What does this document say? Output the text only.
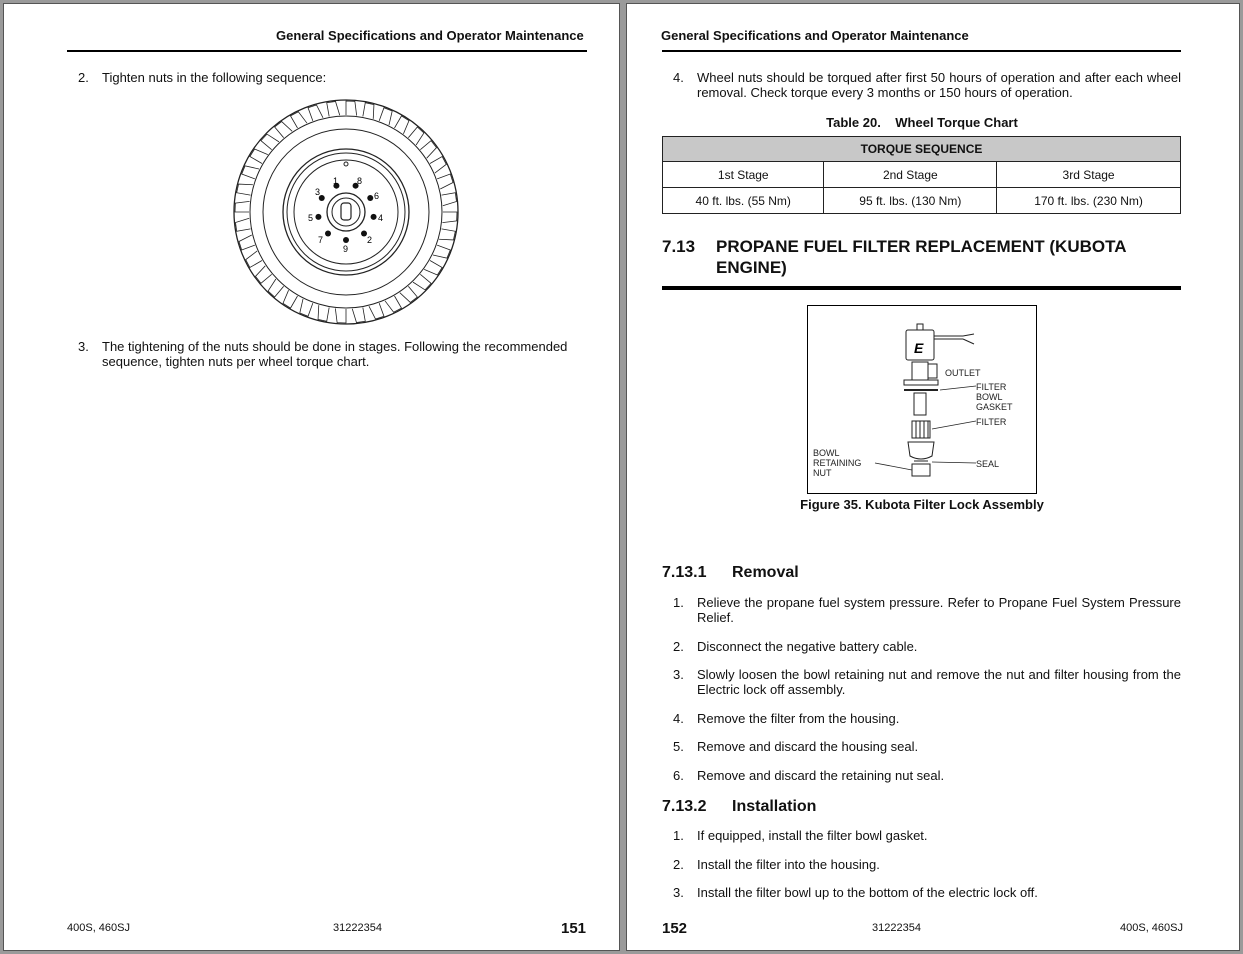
General Specifications and Operator Maintenance
2. Tighten nuts in the following sequence:
1 8
3	6
5	4
7	2
9
3. The tightening of the nuts should be done in stages. Following the recommended sequence, tighten nuts per wheel torque chart.
400S, 460SJ	31222354	151
General Specifications and Operator Maintenance
4. Wheel nuts should be torqued after first 50 hours of operation and after each wheel removal. Check torque every 3 months or 150 hours of operation.
Table 20.    Wheel Torque Chart
TORQUE SEQUENCE		
1st Stage	2nd Stage	3rd Stage
40 ft. lbs. (55 Nm)	95 ft. lbs. (130 Nm)	170 ft. lbs. (230 Nm)
7.13 PROPANE FUEL FILTER REPLACEMENT (KUBOTA ENGINE)
E
OUTLET
FILTER BOWL GASKET
FILTER
BOWL RETAINING NUT
SEAL
Figure 35. Kubota Filter Lock Assembly
7.13.1 Removal
1. Relieve the propane fuel system pressure. Refer to Propane Fuel System Pressure Relief.
2. Disconnect the negative battery cable.
3. Slowly loosen the bowl retaining nut and remove the nut and filter housing from the Electric lock off assembly.
4. Remove the filter from the housing.
5. Remove and discard the housing seal.
6. Remove and discard the retaining nut seal.
7.13.2 Installation
1. If equipped, install the filter bowl gasket.
2. Install the filter into the housing.
3. Install the filter bowl up to the bottom of the electric lock off.
152	31222354	400S, 460SJ
